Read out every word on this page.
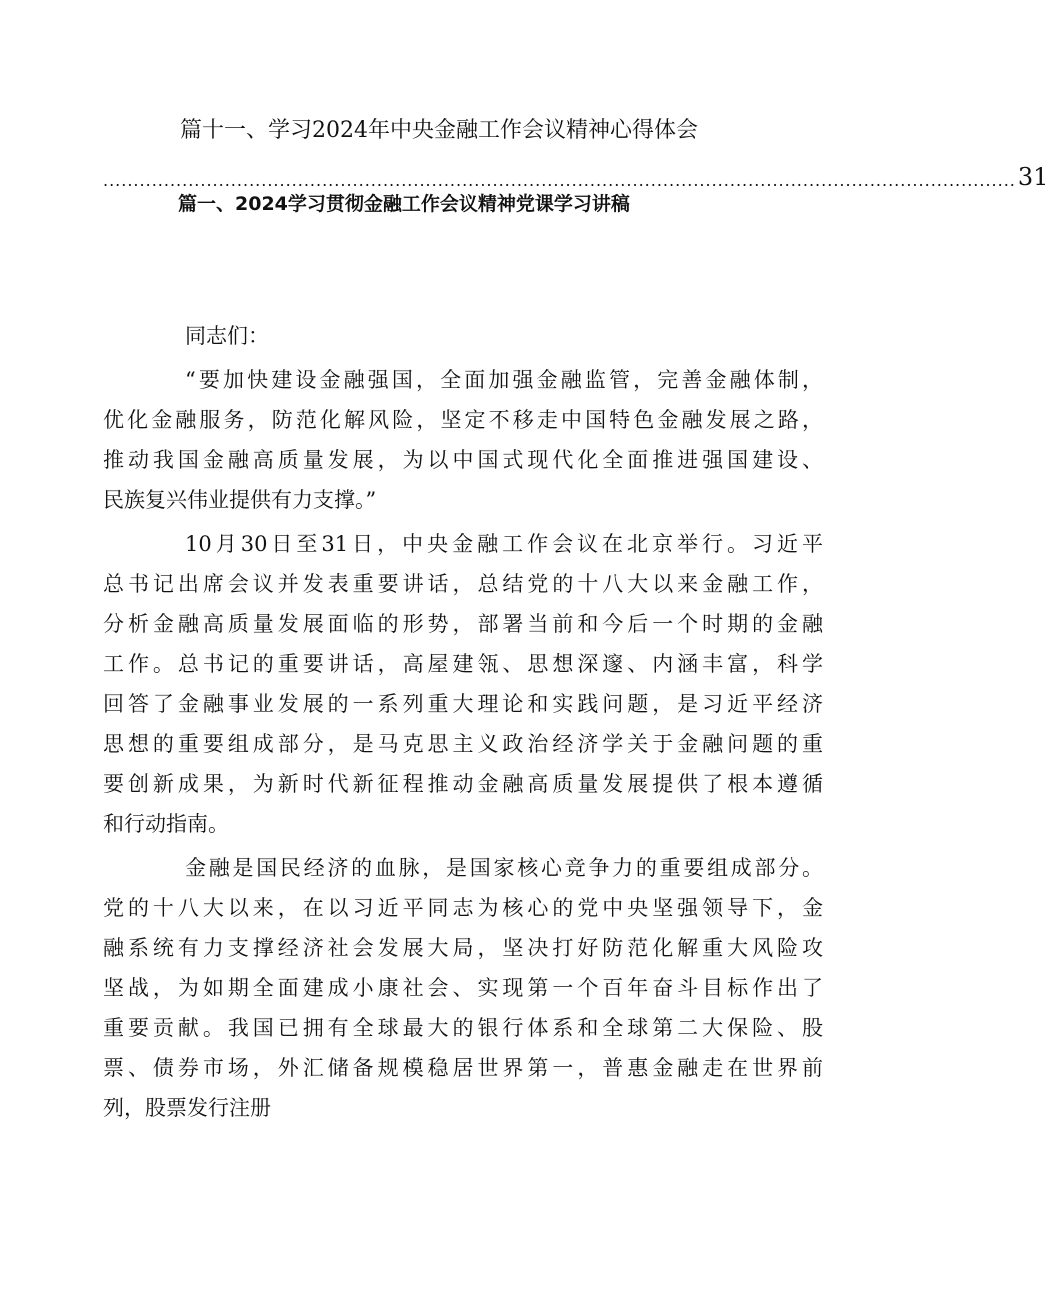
篇十一、学习2024年中央金融工作会议精神心得体会
...................................................................................................................................................... 31
篇一、2024学习贯彻金融工作会议精神党课学习讲稿
同志们：
“要加快建设金融强国，全面加强金融监管，完善金融体制，
优化金融服务，防范化解风险，坚定不移走中国特色金融发展之路，
推动我国金融高质量发展，为以中国式现代化全面推进强国建设、
民族复兴伟业提供有力支撑。”
10月30日至31日，中央金融工作会议在北京举行。习近平
总书记出席会议并发表重要讲话，总结党的十八大以来金融工作，
分析金融高质量发展面临的形势，部署当前和今后一个时期的金融
工作。总书记的重要讲话，高屋建瓴、思想深邃、内涵丰富，科学
回答了金融事业发展的一系列重大理论和实践问题，是习近平经济
思想的重要组成部分，是马克思主义政治经济学关于金融问题的重
要创新成果，为新时代新征程推动金融高质量发展提供了根本遵循
和行动指南。
金融是国民经济的血脉，是国家核心竞争力的重要组成部分。
党的十八大以来，在以习近平同志为核心的党中央坚强领导下，金
融系统有力支撑经济社会发展大局，坚决打好防范化解重大风险攻
坚战，为如期全面建成小康社会、实现第一个百年奋斗目标作出了
重要贡献。我国已拥有全球最大的银行体系和全球第二大保险、股
票、债券市场，外汇储备规模稳居世界第一，普惠金融走在世界前
列，股票发行注册
